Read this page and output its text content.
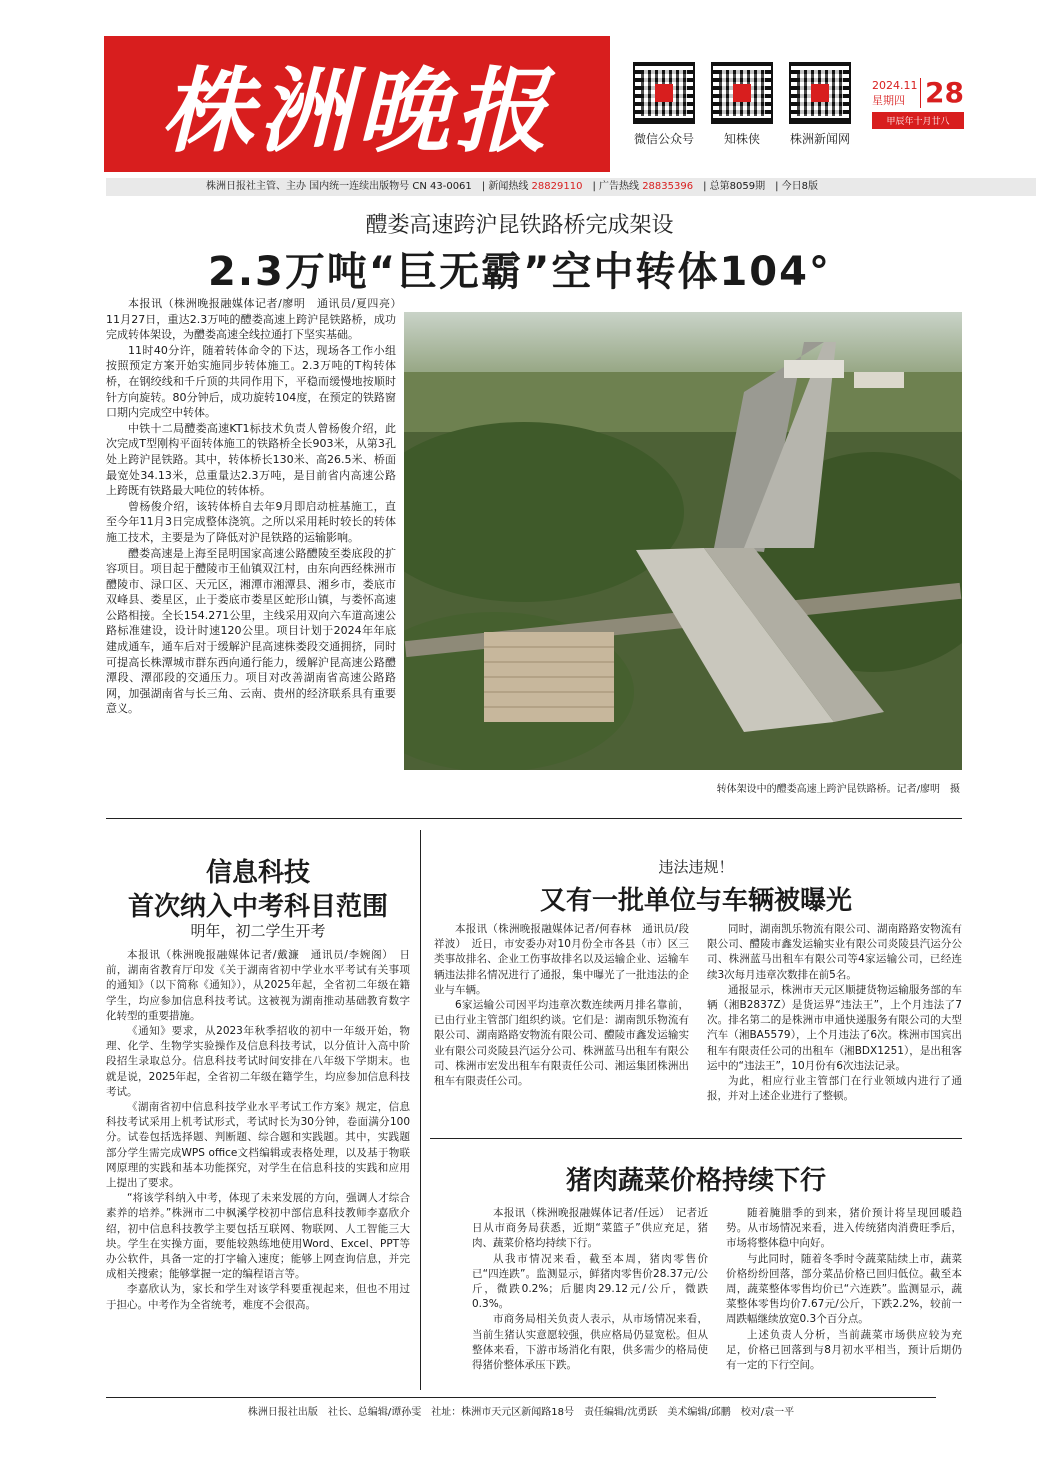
株洲晚报	微信公众号	知株侠	株洲新闻网
2024.11
星期四 28
甲辰年十月廿八
株洲日报社主管、主办 国内统一连续出版物号 CN 43-0061 | 新闻热线 28829110 | 广告热线 28835396 | 总第8059期 | 今日8版
醴娄高速跨沪昆铁路桥完成架设
2.3万吨“巨无霸”空中转体104°

本报讯（株洲晚报融媒体记者/廖明　通讯员/夏四亮）　11月27日，重达2.3万吨的醴娄高速上跨沪昆铁路桥，成功完成转体架设，为醴娄高速全线拉通打下坚实基础。

11时40分许，随着转体命令的下达，现场各工作小组按照预定方案开始实施同步转体施工。2.3万吨的T构转体桥，在钢绞线和千斤顶的共同作用下，平稳而缓慢地按顺时针方向旋转。80分钟后，成功旋转104度，在预定的铁路窗口期内完成空中转体。

中铁十二局醴娄高速KT1标技术负责人曾杨俊介绍，此次完成T型刚构平面转体施工的铁路桥全长903米，从第3孔处上跨沪昆铁路。其中，转体桥长130米、高26.5米、桥面最宽处34.13米，总重量达2.3万吨，是目前省内高速公路上跨既有铁路最大吨位的转体桥。

曾杨俊介绍，该转体桥自去年9月即启动桩基施工，直至今年11月3日完成整体浇筑。之所以采用耗时较长的转体施工技术，主要是为了降低对沪昆铁路的运输影响。

醴娄高速是上海至昆明国家高速公路醴陵至娄底段的扩容项目。项目起于醴陵市王仙镇双江村，由东向西经株洲市醴陵市、渌口区、天元区，湘潭市湘潭县、湘乡市，娄底市双峰县、娄星区，止于娄底市娄星区蛇形山镇，与娄怀高速公路相接。全长154.271公里，主线采用双向六车道高速公路标准建设，设计时速120公里。项目计划于2024年年底建成通车，通车后对于缓解沪昆高速株娄段交通拥挤，同时可提高长株潭城市群东西向通行能力，缓解沪昆高速公路醴潭段、潭邵段的交通压力。项目对改善湖南省高速公路路网，加强湖南省与长三角、云南、贵州的经济联系具有重要意义。

转体架设中的醴娄高速上跨沪昆铁路桥。记者/廖明　摄
信息科技
首次纳入中考科目范围
明年，初二学生开考

本报讯（株洲晚报融媒体记者/戴濂　通讯员/李婉阁）　日前，湖南省教育厅印发《关于湖南省初中学业水平考试有关事项的通知》（以下简称《通知》），从2025年起，全省初二年级在籍学生，均应参加信息科技考试。这被视为湖南推动基础教育数字化转型的重要措施。

《通知》要求，从2023年秋季招收的初中一年级开始，物理、化学、生物学实验操作及信息科技考试，以分值计入高中阶段招生录取总分。信息科技考试时间安排在八年级下学期末。也就是说，2025年起，全省初二年级在籍学生，均应参加信息科技考试。

《湖南省初中信息科技学业水平考试工作方案》规定，信息科技考试采用上机考试形式，考试时长为30分钟，卷面满分100分。试卷包括选择题、判断题、综合题和实践题。其中，实践题部分学生需完成WPS office文档编辑或表格处理，以及基于物联网原理的实践和基本功能探究，对学生在信息科技的实践和应用上提出了要求。

“将该学科纳入中考，体现了未来发展的方向，强调人才综合素养的培养。”株洲市二中枫溪学校初中部信息科技教师李嘉欣介绍，初中信息科技教学主要包括互联网、物联网、人工智能三大块。学生在实操方面，要能较熟练地使用Word、Excel、PPT等办公软件，具备一定的打字输入速度；能够上网查询信息，并完成相关搜索；能够掌握一定的编程语言等。

李嘉欣认为，家长和学生对该学科要重视起来，但也不用过于担心。中考作为全省统考，难度不会很高。

违法违规！
又有一批单位与车辆被曝光

本报讯（株洲晚报融媒体记者/何春林　通讯员/段祥波）　近日，市安委办对10月份全市各县（市）区三类事故排名、企业工伤事故排名以及运输企业、运输车辆违法排名情况进行了通报，集中曝光了一批违法的企业与车辆。

6家运输公司因平均违章次数连续两月排名靠前，已由行业主管部门组织约谈。它们是：湖南凯乐物流有限公司、湖南路路安物流有限公司、醴陵市鑫发运输实业有限公司炎陵县汽运分公司、株洲蓝马出租车有限公司、株洲市宏发出租车有限责任公司、湘运集团株洲出租车有限责任公司。

同时，湖南凯乐物流有限公司、湖南路路安物流有限公司、醴陵市鑫发运输实业有限公司炎陵县汽运分公司、株洲蓝马出租车有限公司等4家运输公司，已经连续3次每月违章次数排在前5名。

通报显示，株洲市天元区顺捷货物运输服务部的车辆（湘B2837Z）是货运界“违法王”，上个月违法了7次。排名第二的是株洲市申通快递服务有限公司的大型汽车（湘BA5579），上个月违法了6次。株洲市国宾出租车有限责任公司的出租车（湘BDX1251），是出租客运中的“违法王”，10月份有6次违法记录。

为此，相应行业主管部门在行业领域内进行了通报，并对上述企业进行了整顿。

猪肉蔬菜价格持续下行

本报讯（株洲晚报融媒体记者/任远）　记者近日从市商务局获悉，近期“菜篮子”供应充足，猪肉、蔬菜价格均持续下行。

从我市情况来看，截至本周，猪肉零售价已“四连跌”。监测显示，鲜猪肉零售价28.37元/公斤，微跌0.2%；后腿肉29.12元/公斤，微跌0.3%。

市商务局相关负责人表示，从市场情况来看，当前生猪认实意愿较强，供应格局仍显宽松。但从整体来看，下游市场消化有限，供多需少的格局使得猪价整体承压下跌。

随着腌腊季的到来，猪价预计将呈现回暖趋势。从市场情况来看，进入传统猪肉消费旺季后，市场将整体稳中向好。

与此同时，随着冬季时令蔬菜陆续上市，蔬菜价格纷纷回落，部分菜品价格已回归低位。截至本周，蔬菜整体零售均价已“六连跌”。监测显示，蔬菜整体零售均价7.67元/公斤，下跌2.2%，较前一周跌幅继续放宽0.3个百分点。

上述负责人分析，当前蔬菜市场供应较为充足，价格已回落到与8月初水平相当，预计后期仍有一定的下行空间。

株洲日报社出版　社长、总编辑/谭孙雯　社址：株洲市天元区新闻路18号　责任编辑/沈勇跃　美术编辑/邱鹏　校对/袁一平
